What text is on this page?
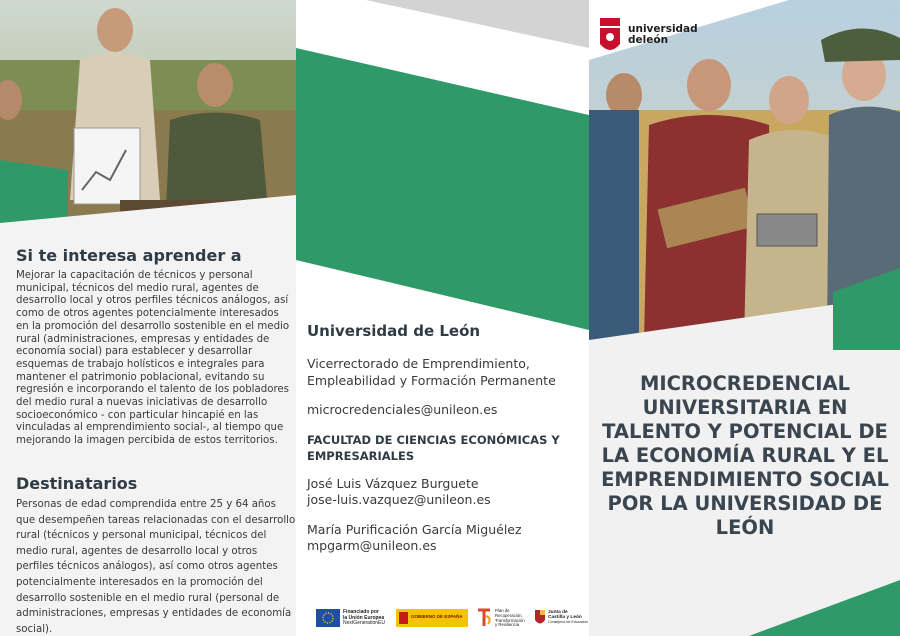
Si te interesa aprender a

Mejorar la capacitación de técnicos y personal municipal, técnicos del medio rural, agentes de desarrollo local y otros perfiles técnicos análogos, así como de otros agentes potencialmente interesados en la promoción del desarrollo sostenible en el medio rural (administraciones, empresas y entidades de economía social) para establecer y desarrollar esquemas de trabajo holísticos e integrales para mantener el patrimonio poblacional, evitando su regresión e incorporando el talento de los pobladores del medio rural a nuevas iniciativas de desarrollo socioeconómico - con particular hincapié en las vinculadas al emprendimiento social-, al tiempo que mejorando la imagen percibida de estos territorios.

Destinatarios

Personas de edad comprendida entre 25 y 64 años que desempeñen tareas relacionadas con el desarrollo rural (técnicos y personal municipal, técnicos del medio rural, agentes de desarrollo local y otros perfiles técnicos análogos), así como otros agentes potencialmente interesados en la promoción del desarrollo sostenible en el medio rural (personal de administraciones, empresas y entidades de economía social).

Universidad de León

Vicerrectorado de Emprendimiento, Empleabilidad y Formación Permanente

microcredenciales@unileon.es

FACULTAD DE CIENCIAS ECONÓMICAS Y EMPRESARIALES

José Luis Vázquez Burguete
jose-luis.vazquez@unileon.es
María Purificación García Miguélez
mpgarm@unileon.es
Financiado por
la Unión Europea
NextGenerationEU
GOBIERNO DE ESPAÑA
Plan de
Recuperación,
Transformación
y Resiliencia
Junta de
Castilla y León
Consejería de Educación
universidad
deleón

MICROCREDENCIAL UNIVERSITARIA EN TALENTO Y POTENCIAL DE LA ECONOMÍA RURAL Y EL EMPRENDIMIENTO SOCIAL POR LA UNIVERSIDAD DE LEÓN
